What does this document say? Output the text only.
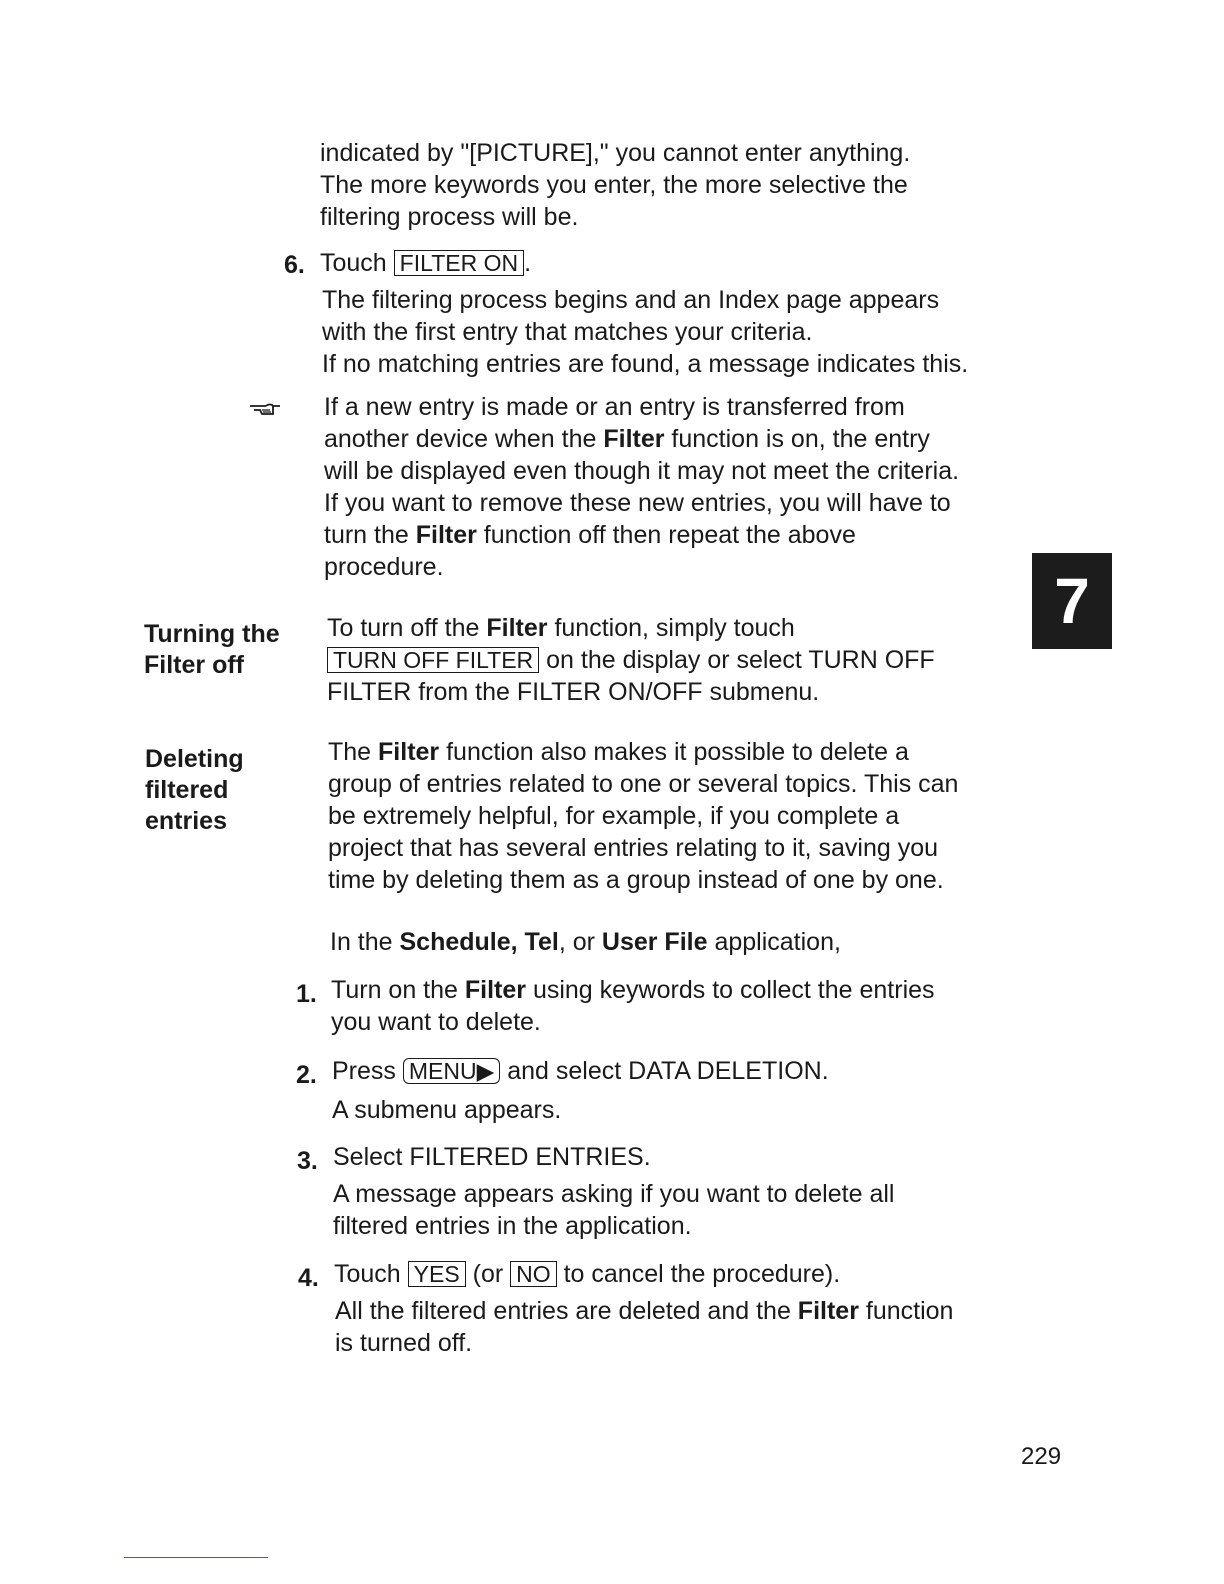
indicated by "[PICTURE]," you cannot enter anything.
The more keywords you enter, the more selective the
filtering process will be.

6. Touch FILTER ON .

The filtering process begins and an Index page appears
with the first entry that matches your criteria.
If no matching entries are found, a message indicates this.

If a new entry is made or an entry is transferred from
another device when the Filter function is on, the entry
will be displayed even though it may not meet the criteria.
If you want to remove these new entries, you will have to
turn the Filter function off then repeat the above
procedure.	7
Turning the
Filter off

To turn off the Filter function, simply touch
TURN OFF FILTER on the display or select TURN OFF
FILTER from the FILTER ON/OFF submenu.

Deleting
filtered
entries

The Filter function also makes it possible to delete a
group of entries related to one or several topics. This can
be extremely helpful, for example, if you complete a
project that has several entries relating to it, saving you
time by deleting them as a group instead of one by one.

In the Schedule, Tel, or User File application,

1. Turn on the Filter using keywords to collect the entries
you want to delete.

2. Press MENU▶ and select DATA DELETION.

A submenu appears.

3. Select FILTERED ENTRIES.

A message appears asking if you want to delete all
filtered entries in the application.

4. Touch YES (or NO to cancel the procedure).

All the filtered entries are deleted and the Filter function
is turned off.

229
